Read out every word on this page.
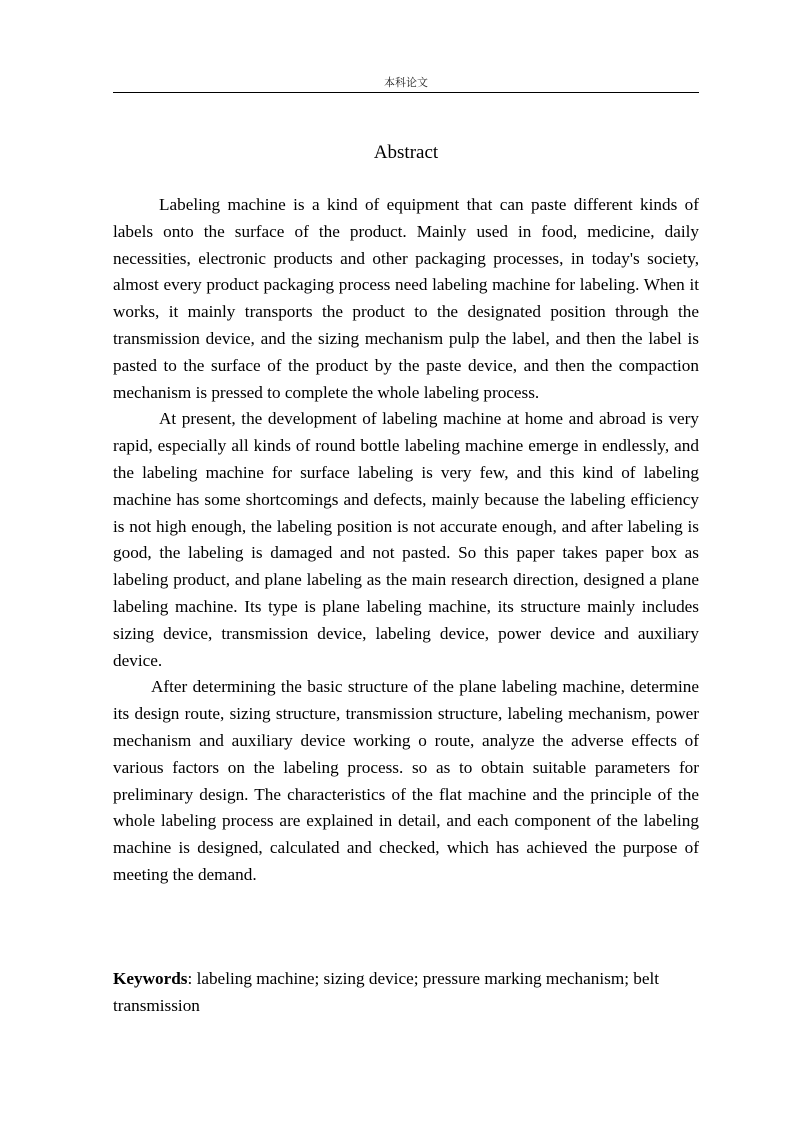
本科论文
Abstract

Labeling machine is a kind of equipment that can paste different kinds of labels onto the surface of the product. Mainly used in food, medicine, daily necessities, electronic products and other packaging processes, in today's society, almost every product packaging process need labeling machine for labeling. When it works, it mainly transports the product to the designated position through the transmission device, and the sizing mechanism pulp the label, and then the label is pasted to the surface of the product by the paste device, and then the compaction mechanism is pressed to complete the whole labeling process.

At present, the development of labeling machine at home and abroad is very rapid, especially all kinds of round bottle labeling machine emerge in endlessly, and the labeling machine for surface labeling is very few, and this kind of labeling machine has some shortcomings and defects, mainly because the labeling efficiency is not high enough, the labeling position is not accurate enough, and after labeling is good, the labeling is damaged and not pasted. So this paper takes paper box as labeling product, and plane labeling as the main research direction, designed a plane labeling machine. Its type is plane labeling machine, its structure mainly includes sizing device, transmission device, labeling device, power device and auxiliary device.

After determining the basic structure of the plane labeling machine, determine its design route, sizing structure, transmission structure, labeling mechanism, power mechanism and auxiliary device working o route, analyze the adverse effects of various factors on the labeling process. so as to obtain suitable parameters for preliminary design. The characteristics of the flat machine and the principle of the whole labeling process are explained in detail, and each component of the labeling machine is designed, calculated and checked, which has achieved the purpose of meeting the demand.

Keywords: labeling machine; sizing device; pressure marking mechanism; belt transmission
